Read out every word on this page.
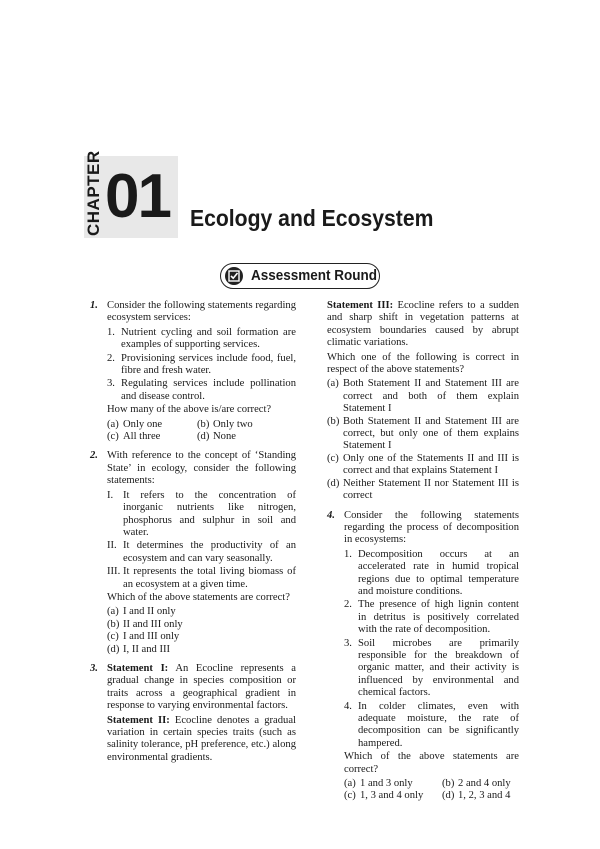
CHAPTER 01 Ecology and Ecosystem
Assessment Round
1. Consider the following statements regarding ecosystem services:
1. Nutrient cycling and soil formation are examples of supporting services.
2. Provisioning services include food, fuel, fibre and fresh water.
3. Regulating services include pollination and disease control.
How many of the above is/are correct?
(a) Only one	(b) Only two
(c) All three	(d) None
2. With reference to the concept of ‘Standing State’ in ecology, consider the following statements:
I. It refers to the concentration of inorganic nutrients like nitrogen, phosphorus and sulphur in soil and water.
II. It determines the productivity of an ecosystem and can vary seasonally.
III. It represents the total living biomass of an ecosystem at a given time.
Which of the above statements are correct?
(a) I and II only
(b) II and III only
(c) I and III only
(d) I, II and III
3. Statement I: An Ecocline represents a gradual change in species composition or traits across a geographical gradient in response to varying environmental factors.
Statement II: Ecocline denotes a gradual variation in certain species traits (such as salinity tolerance, pH preference, etc.) along environmental gradients.
Statement III: Ecocline refers to a sudden and sharp shift in vegetation patterns at ecosystem boundaries caused by abrupt climatic variations.
Which one of the following is correct in respect of the above statements?
(a) Both Statement II and Statement III are correct and both of them explain Statement I
(b) Both Statement II and Statement III are correct, but only one of them explains Statement I
(c) Only one of the Statements II and III is correct and that explains Statement I
(d) Neither Statement II nor Statement III is correct
4. Consider the following statements regarding the process of decomposition in ecosystems:
1. Decomposition occurs at an accelerated rate in humid tropical regions due to optimal temperature and moisture conditions.
2. The presence of high lignin content in detritus is positively correlated with the rate of decomposition.
3. Soil microbes are primarily responsible for the breakdown of organic matter, and their activity is influenced by environmental and chemical factors.
4. In colder climates, even with adequate moisture, the rate of decomposition can be significantly hampered.
Which of the above statements are correct?
(a) 1 and 3 only	(b) 2 and 4 only
(c) 1, 3 and 4 only	(d) 1, 2, 3 and 4
